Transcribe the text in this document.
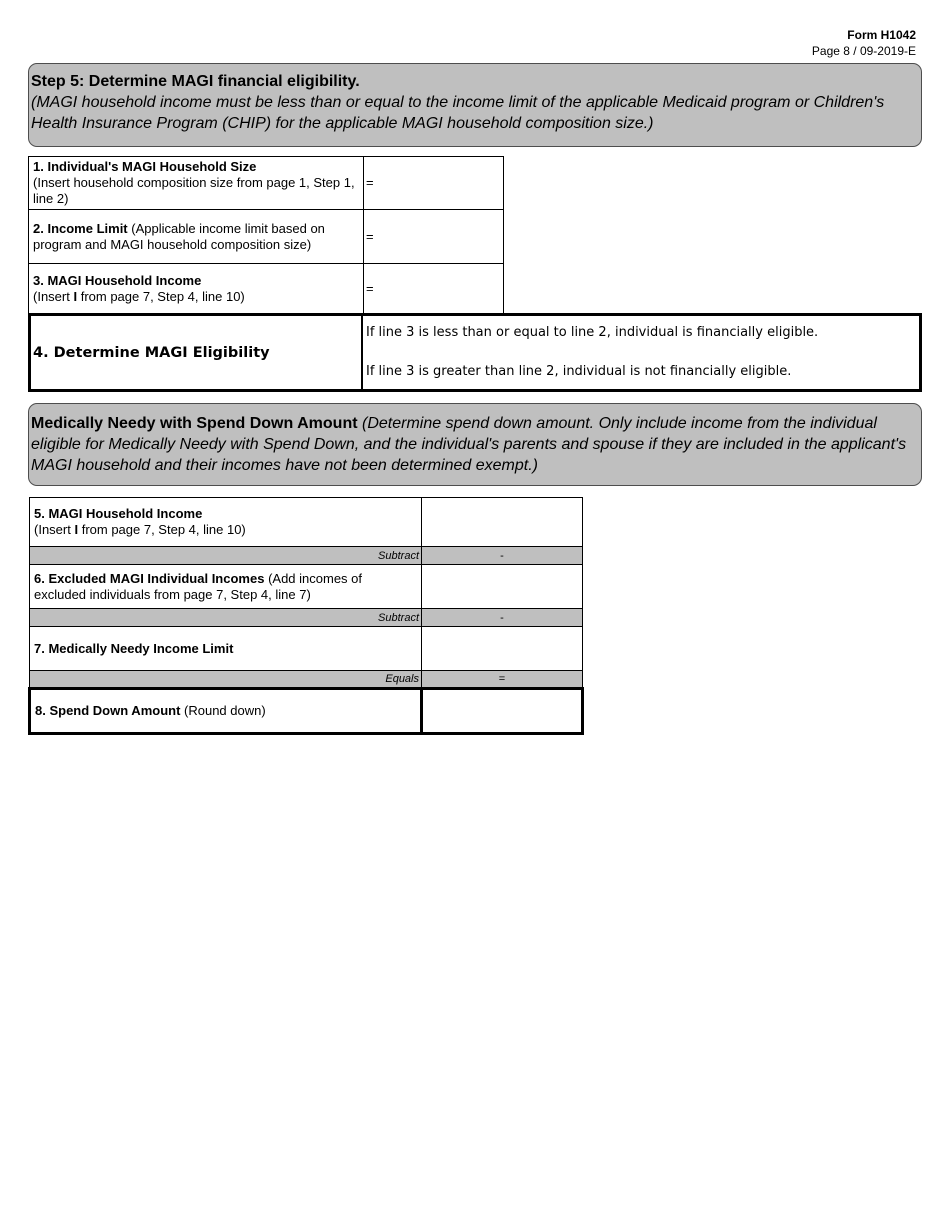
Form H1042
Page 8 / 09-2019-E
Step 5: Determine MAGI financial eligibility.
(MAGI household income must be less than or equal to the income limit of the applicable Medicaid program or Children's Health Insurance Program (CHIP) for the applicable MAGI household composition size.)
1. Individual's MAGI Household Size
(Insert household composition size from page 1, Step 1, line 2)	=
2. Income Limit (Applicable income limit based on program and MAGI household composition size)	=
3. MAGI Household Income
(Insert I from page 7, Step 4, line 10)	=
4. Determine MAGI Eligibility
If line 3 is less than or equal to line 2, individual is financially eligible.
If line 3 is greater than line 2, individual is not financially eligible.

Medically Needy with Spend Down Amount (Determine spend down amount. Only include income from the individual eligible for Medically Needy with Spend Down, and the individual's parents and spouse if they are included in the applicant's MAGI household and their incomes have not been determined exempt.)

5. MAGI Household Income
(Insert I from page 7, Step 4, line 10)	
Subtract	-
6. Excluded MAGI Individual Incomes (Add incomes of excluded individuals from page 7, Step 4, line 7)	
Subtract	-
7. Medically Needy Income Limit	
Equals	=
8. Spend Down Amount (Round down)	
